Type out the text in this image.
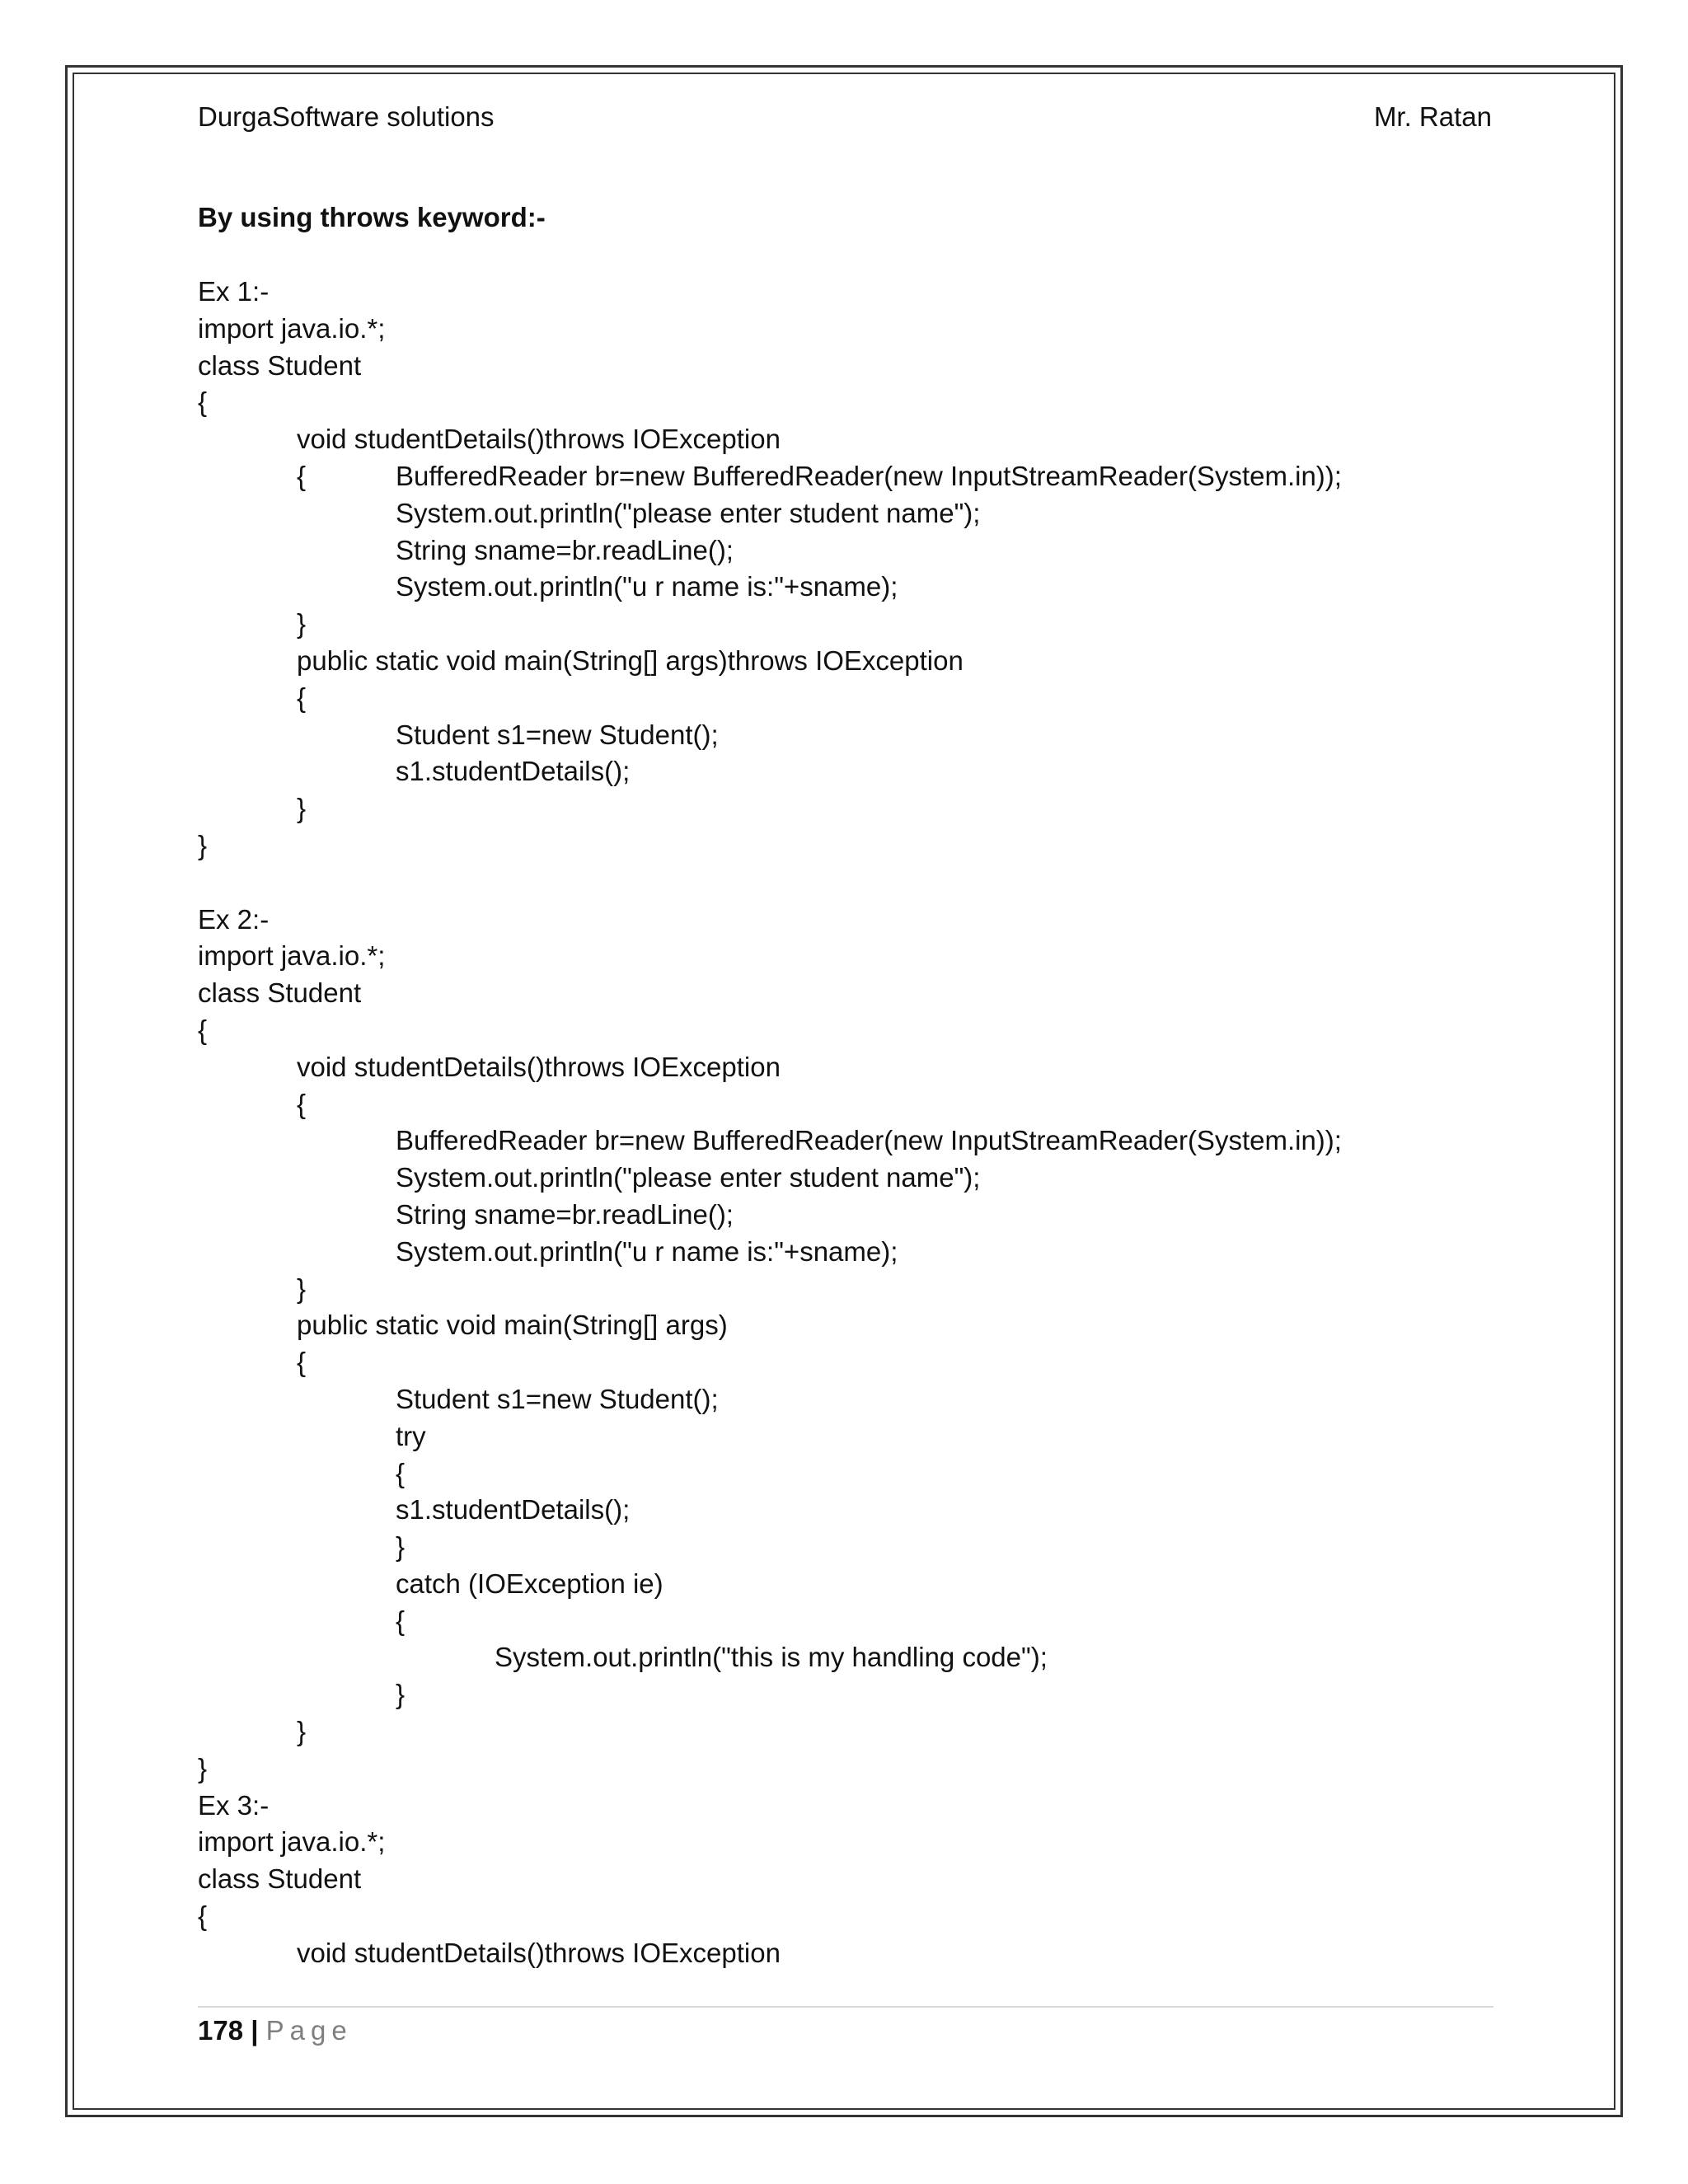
DurgaSoftware solutions	Mr. Ratan
By using throws keyword:-
Ex 1:-
import java.io.*;
class Student
{
void studentDetails()throws IOException
{	BufferedReader br=new BufferedReader(new InputStreamReader(System.in));
System.out.println("please enter student name");
String sname=br.readLine();
System.out.println("u r name is:"+sname);
}
public static void main(String[] args)throws IOException
{
Student s1=new Student();
s1.studentDetails();
}
}
Ex 2:-
import java.io.*;
class Student
{
void studentDetails()throws IOException
{
BufferedReader br=new BufferedReader(new InputStreamReader(System.in));
System.out.println("please enter student name");
String sname=br.readLine();
System.out.println("u r name is:"+sname);
}
public static void main(String[] args)
{
Student s1=new Student();
try
{
s1.studentDetails();
}
catch (IOException ie)
{
System.out.println("this is my handling code");
}
}
}
Ex 3:-
import java.io.*;
class Student
{
void studentDetails()throws IOException
178 | Page
